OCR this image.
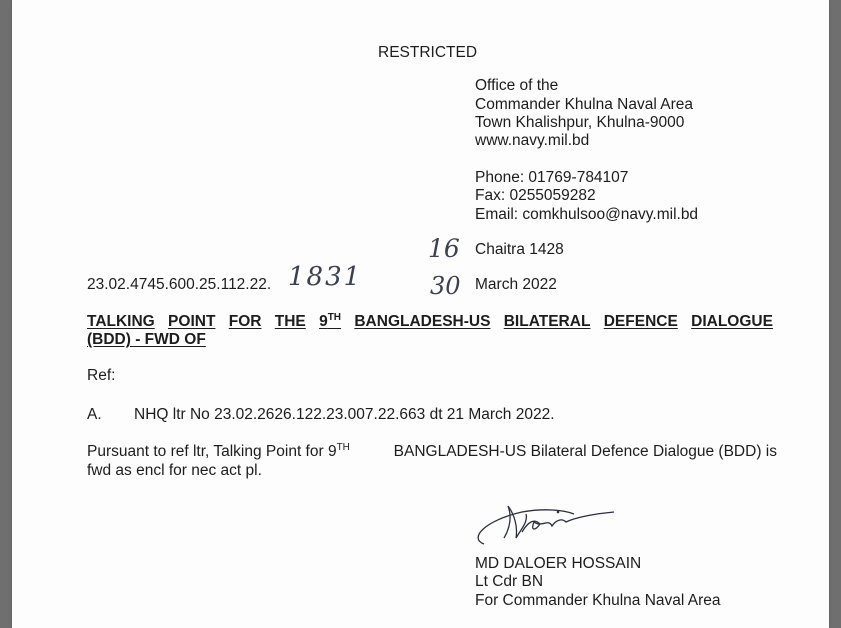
RESTRICTED
Office of the
Commander Khulna Naval Area
Town Khalishpur, Khulna-9000
www.navy.mil.bd
Phone: 01769-784107
Fax: 0255059282
Email: comkhulsoo@navy.mil.bd
16 Chaitra 1428
23.02.4745.600.25.112.22. 1831	30 March 2022
TALKING POINT FOR THE 9TH BANGLADESH-US BILATERAL DEFENCE DIALOGUE
(BDD) - FWD OF
Ref:
A. NHQ ltr No 23.02.2626.122.23.007.22.663 dt 21 March 2022.
Pursuant to ref ltr, Talking Point for 9TH	BANGLADESH-US Bilateral Defence Dialogue (BDD) is
fwd as encl for nec act pl.
MD DALOER HOSSAIN
Lt Cdr BN
For Commander Khulna Naval Area
